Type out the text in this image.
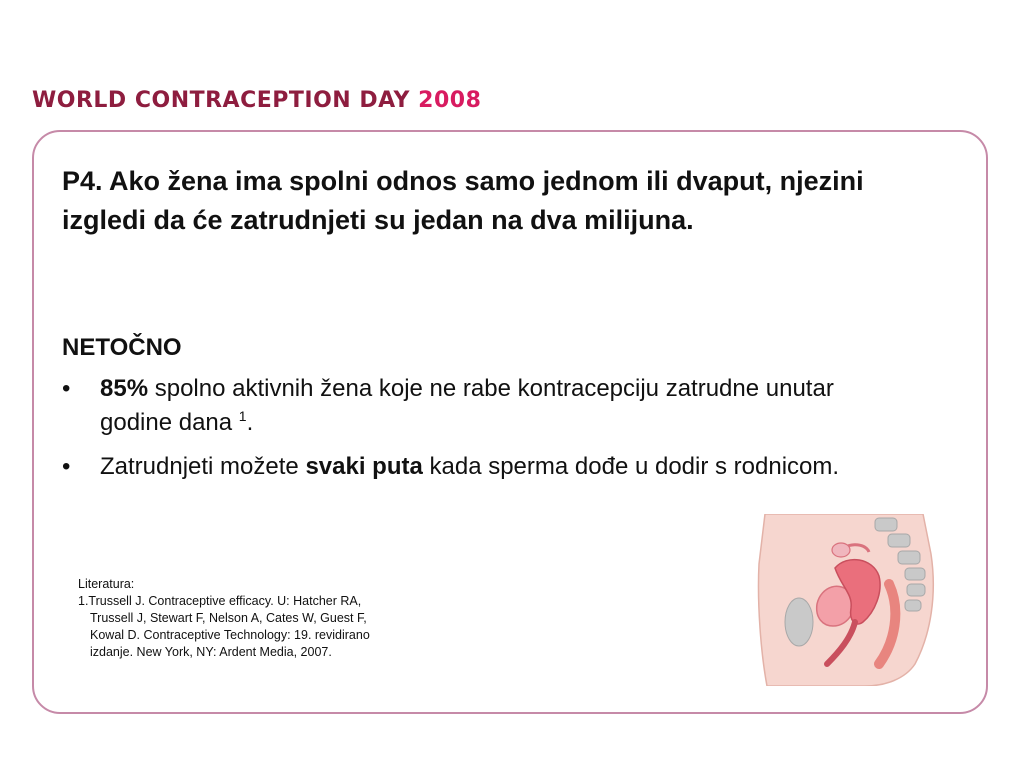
WORLD CONTRACEPTION DAY 2008

P4. Ako žena ima spolni odnos samo jednom ili dvaput, njezini izgledi da će zatrudnjeti su jedan na dva milijuna.

NETOČNO

• 85% spolno aktivnih žena koje ne rabe kontracepciju zatrudne unutar godine dana $^1$.
• Zatrudnjeti možete svaki puta kada sperma dođe u dodir s rodnicom.

Literatura:
1.Trussell J. Contraceptive efficacy. U: Hatcher RA,

Trussell J, Stewart F, Nelson A, Cates W, Guest F,
Kowal D. Contraceptive Technology: 19. revidirano
izdanje. New York, NY: Ardent Media, 2007.
